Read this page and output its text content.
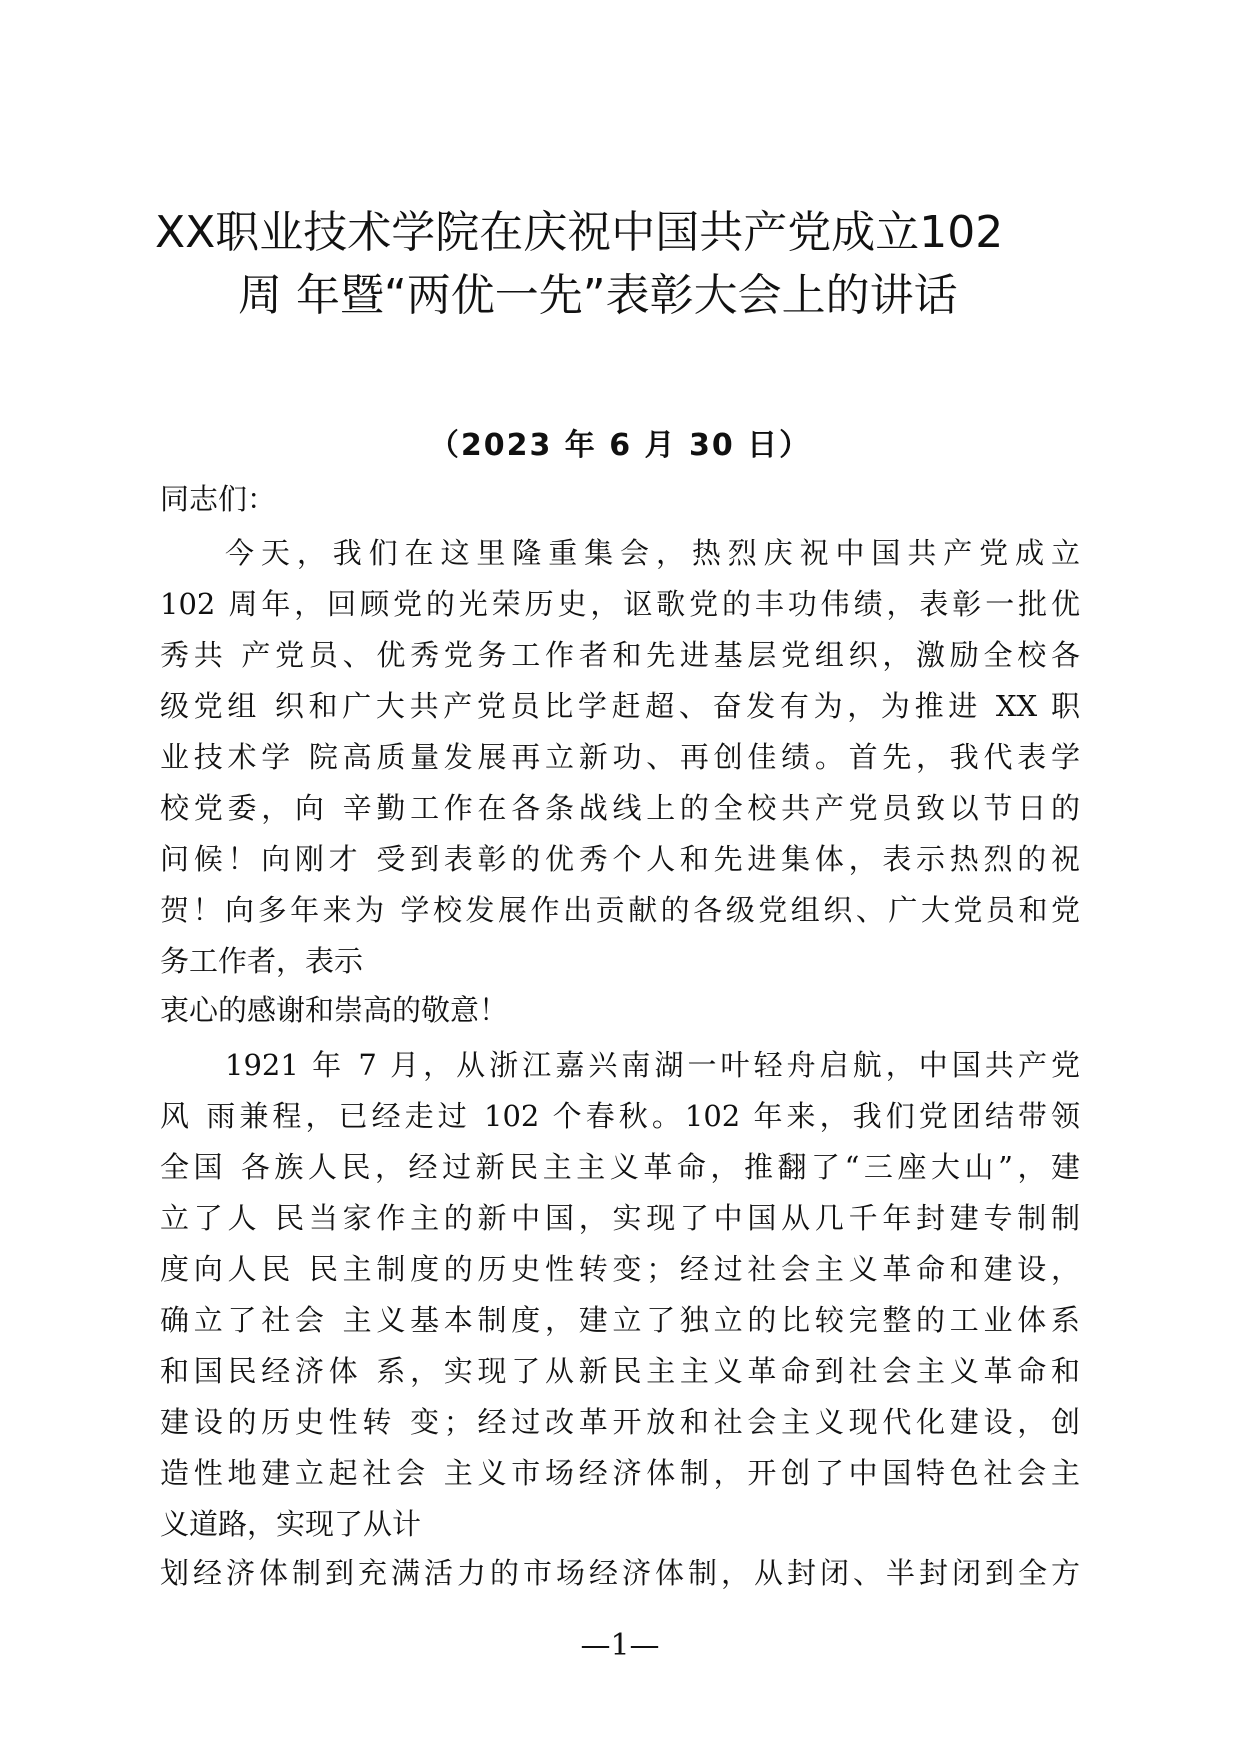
XX职业技术学院在庆祝中国共产党成立102
周 年暨“两优一先”表彰大会上的讲话
（2023 年 6 月 30 日）
同志们：
今天，我们在这里隆重集会，热烈庆祝中国共产党成立
102 周年，回顾党的光荣历史，讴歌党的丰功伟绩，表彰一批优
秀共 产党员、优秀党务工作者和先进基层党组织，激励全校各
级党组 织和广大共产党员比学赶超、奋发有为，为推进 XX 职
业技术学 院高质量发展再立新功、再创佳绩。首先，我代表学
校党委，向 辛勤工作在各条战线上的全校共产党员致以节日的
问候！向刚才 受到表彰的优秀个人和先进集体，表示热烈的祝
贺！向多年来为 学校发展作出贡献的各级党组织、广大党员和党
务工作者，表示
衷心的感谢和崇高的敬意！
1921 年 7 月，从浙江嘉兴南湖一叶轻舟启航，中国共产党
风 雨兼程，已经走过 102 个春秋。102 年来，我们党团结带领
全国 各族人民，经过新民主主义革命，推翻了“三座大山”，建
立了人 民当家作主的新中国，实现了中国从几千年封建专制制
度向人民 民主制度的历史性转变；经过社会主义革命和建设，
确立了社会 主义基本制度，建立了独立的比较完整的工业体系
和国民经济体 系，实现了从新民主主义革命到社会主义革命和
建设的历史性转 变；经过改革开放和社会主义现代化建设，创
造性地建立起社会 主义市场经济体制，开创了中国特色社会主
义道路，实现了从计
划经济体制到充满活力的市场经济体制，从封闭、半封闭到全方
—1—
